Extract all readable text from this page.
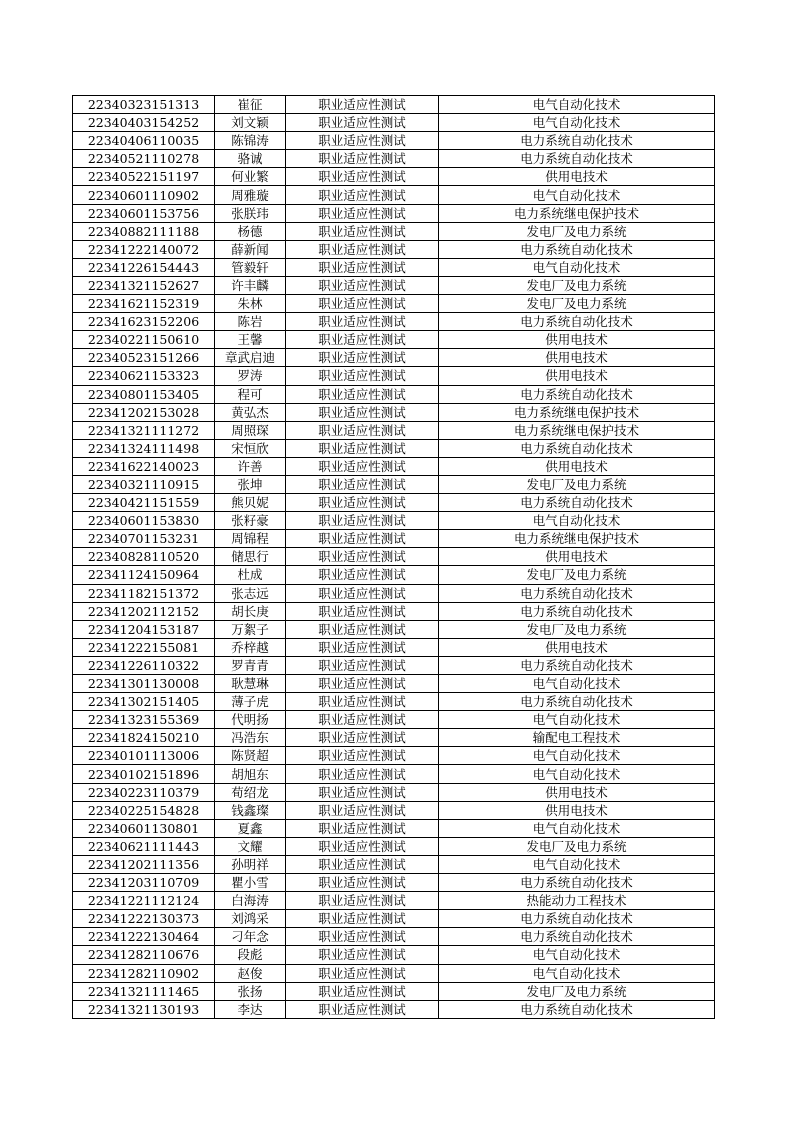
22340323151313	崔征	职业适应性测试	电气自动化技术
22340403154252	刘文颖	职业适应性测试	电气自动化技术
22340406110035	陈锦涛	职业适应性测试	电力系统自动化技术
22340521110278	骆诚	职业适应性测试	电力系统自动化技术
22340522151197	何业繁	职业适应性测试	供用电技术
22340601110902	周雅璇	职业适应性测试	电气自动化技术
22340601153756	张朕玮	职业适应性测试	电力系统继电保护技术
22340882111188	杨德	职业适应性测试	发电厂及电力系统
22341222140072	薛新闻	职业适应性测试	电力系统自动化技术
22341226154443	管毅轩	职业适应性测试	电气自动化技术
22341321152627	许丰麟	职业适应性测试	发电厂及电力系统
22341621152319	朱林	职业适应性测试	发电厂及电力系统
22341623152206	陈岩	职业适应性测试	电力系统自动化技术
22340221150610	王馨	职业适应性测试	供用电技术
22340523151266	章武启迪	职业适应性测试	供用电技术
22340621153323	罗涛	职业适应性测试	供用电技术
22340801153405	程可	职业适应性测试	电力系统自动化技术
22341202153028	黄弘杰	职业适应性测试	电力系统继电保护技术
22341321111272	周照琛	职业适应性测试	电力系统继电保护技术
22341324111498	宋恒欣	职业适应性测试	电力系统自动化技术
22341622140023	许善	职业适应性测试	供用电技术
22340321110915	张坤	职业适应性测试	发电厂及电力系统
22340421151559	熊贝妮	职业适应性测试	电力系统自动化技术
22340601153830	张籽豪	职业适应性测试	电气自动化技术
22340701153231	周锦程	职业适应性测试	电力系统继电保护技术
22340828110520	储思行	职业适应性测试	供用电技术
22341124150964	杜成	职业适应性测试	发电厂及电力系统
22341182151372	张志远	职业适应性测试	电力系统自动化技术
22341202112152	胡长庚	职业适应性测试	电力系统自动化技术
22341204153187	万絮子	职业适应性测试	发电厂及电力系统
22341222155081	乔梓越	职业适应性测试	供用电技术
22341226110322	罗青青	职业适应性测试	电力系统自动化技术
22341301130008	耿慧琳	职业适应性测试	电气自动化技术
22341302151405	薄子虎	职业适应性测试	电力系统自动化技术
22341323155369	代明扬	职业适应性测试	电气自动化技术
22341824150210	冯浩东	职业适应性测试	输配电工程技术
22340101113006	陈贤超	职业适应性测试	电气自动化技术
22340102151896	胡旭东	职业适应性测试	电气自动化技术
22340223110379	荀绍龙	职业适应性测试	供用电技术
22340225154828	钱鑫璨	职业适应性测试	供用电技术
22340601130801	夏鑫	职业适应性测试	电气自动化技术
22340621111443	文耀	职业适应性测试	发电厂及电力系统
22341202111356	孙明祥	职业适应性测试	电气自动化技术
22341203110709	瞿小雪	职业适应性测试	电力系统自动化技术
22341221112124	白海涛	职业适应性测试	热能动力工程技术
22341222130373	刘鸿采	职业适应性测试	电力系统自动化技术
22341222130464	刁年念	职业适应性测试	电力系统自动化技术
22341282110676	段彪	职业适应性测试	电气自动化技术
22341282110902	赵俊	职业适应性测试	电气自动化技术
22341321111465	张扬	职业适应性测试	发电厂及电力系统
22341321130193	李达	职业适应性测试	电力系统自动化技术
